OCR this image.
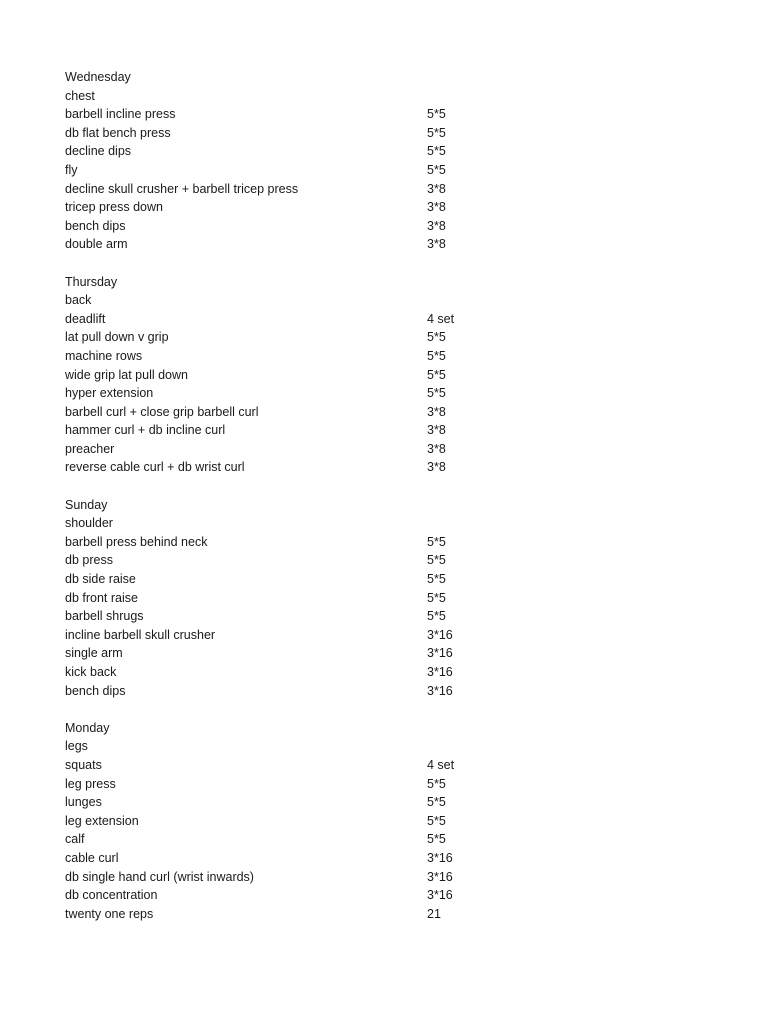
Wednesday
chest
barbell incline press	5*5
db flat bench press	5*5
decline dips	5*5
fly	5*5
decline skull crusher + barbell tricep press	3*8
tricep press down	3*8
bench dips	3*8
double arm	3*8
Thursday
back
deadlift	4 set
lat pull down v grip	5*5
machine rows	5*5
wide grip lat pull down	5*5
hyper extension	5*5
barbell curl + close grip barbell curl	3*8
hammer curl + db incline curl	3*8
preacher	3*8
reverse cable curl + db wrist curl	3*8
Sunday
shoulder
barbell press behind neck	5*5
db press	5*5
db side raise	5*5
db front raise	5*5
barbell shrugs	5*5
incline barbell skull crusher	3*16
single arm	3*16
kick back	3*16
bench dips	3*16
Monday
legs
squats	4 set
leg press	5*5
lunges	5*5
leg extension	5*5
calf	5*5
cable curl	3*16
db single hand curl (wrist inwards)	3*16
db concentration	3*16
twenty one reps	21
